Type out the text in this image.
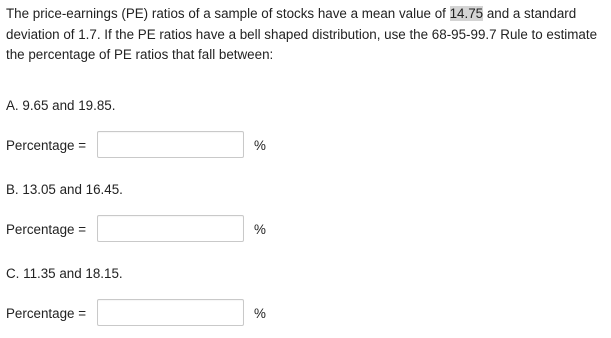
The price-earnings (PE) ratios of a sample of stocks have a mean value of 14.75 and a standard deviation of 1.7. If the PE ratios have a bell shaped distribution, use the 68-95-99.7 Rule to estimate the percentage of PE ratios that fall between:
A. 9.65 and 19.85.
Percentage =	%
B. 13.05 and 16.45.
Percentage =	%
C. 11.35 and 18.15.
Percentage =	%
